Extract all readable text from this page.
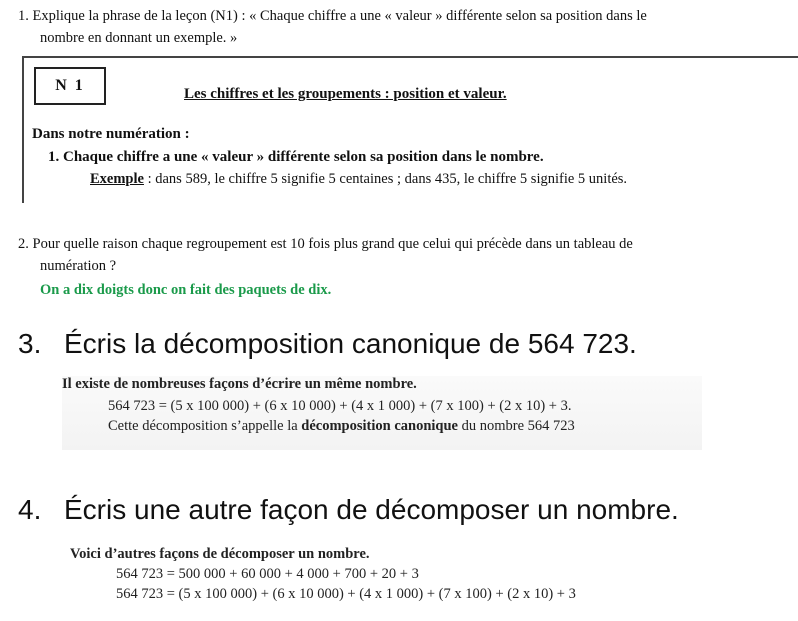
1. Explique la phrase de la leçon (N1) : « Chaque chiffre a une « valeur » différente selon sa position dans le
nombre en donnant un exemple. »
N 1	Les chiffres et les groupements : position et valeur.
Dans notre numération :
1. Chaque chiffre a une « valeur » différente selon sa position dans le nombre.
Exemple : dans 589, le chiffre 5 signifie 5 centaines ; dans 435, le chiffre 5 signifie 5 unités.
2. Pour quelle raison chaque regroupement est 10 fois plus grand que celui qui précède dans un tableau de
numération ?
On a dix doigts donc on fait des paquets de dix.
3. Écris la décomposition canonique de 564 723.
Il existe de nombreuses façons d’écrire un même nombre.
564 723 = (5 x 100 000) + (6 x 10 000) + (4 x 1 000) + (7 x 100) + (2 x 10) + 3.
Cette décomposition s’appelle la décomposition canonique du nombre 564 723
4. Écris une autre façon de décomposer un nombre.
Voici d’autres façons de décomposer un nombre.
564 723 = 500 000 + 60 000 + 4 000 + 700 + 20 + 3
564 723 = (5 x 100 000) + (6 x 10 000) + (4 x 1 000) + (7 x 100) + (2 x 10) + 3
